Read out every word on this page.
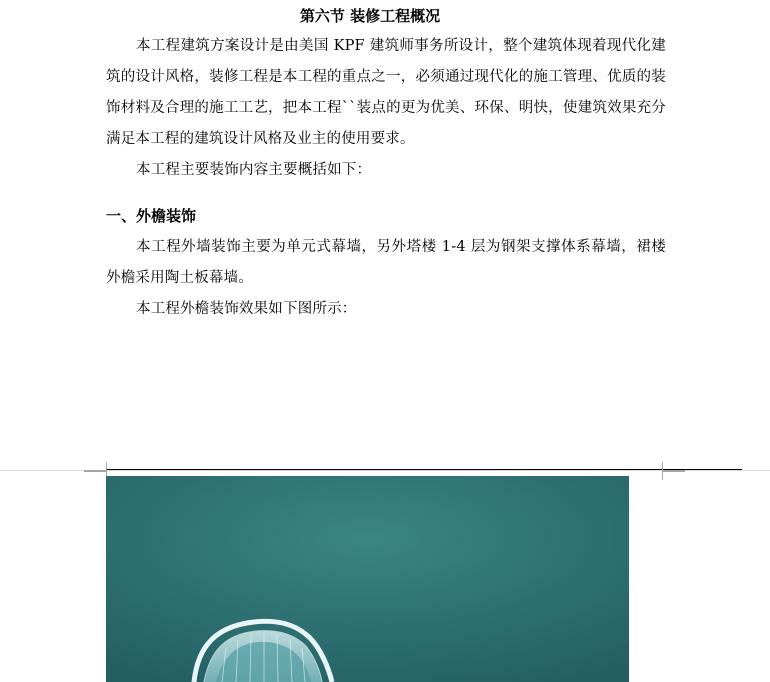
第六节 装修工程概况

本工程建筑方案设计是由美国 KPF 建筑师事务所设计，整个建筑体现着现代化建筑的设计风格，装修工程是本工程的重点之一，必须通过现代化的施工管理、优质的装饰材料及合理的施工工艺，把本工程``装点的更为优美、环保、明快，使建筑效果充分满足本工程的建筑设计风格及业主的使用要求。

本工程主要装饰内容主要概括如下：

一、外檐装饰

本工程外墙装饰主要为单元式幕墙，另外塔楼 1-4 层为钢架支撑体系幕墙，裙楼外檐采用陶土板幕墙。

本工程外檐装饰效果如下图所示：
